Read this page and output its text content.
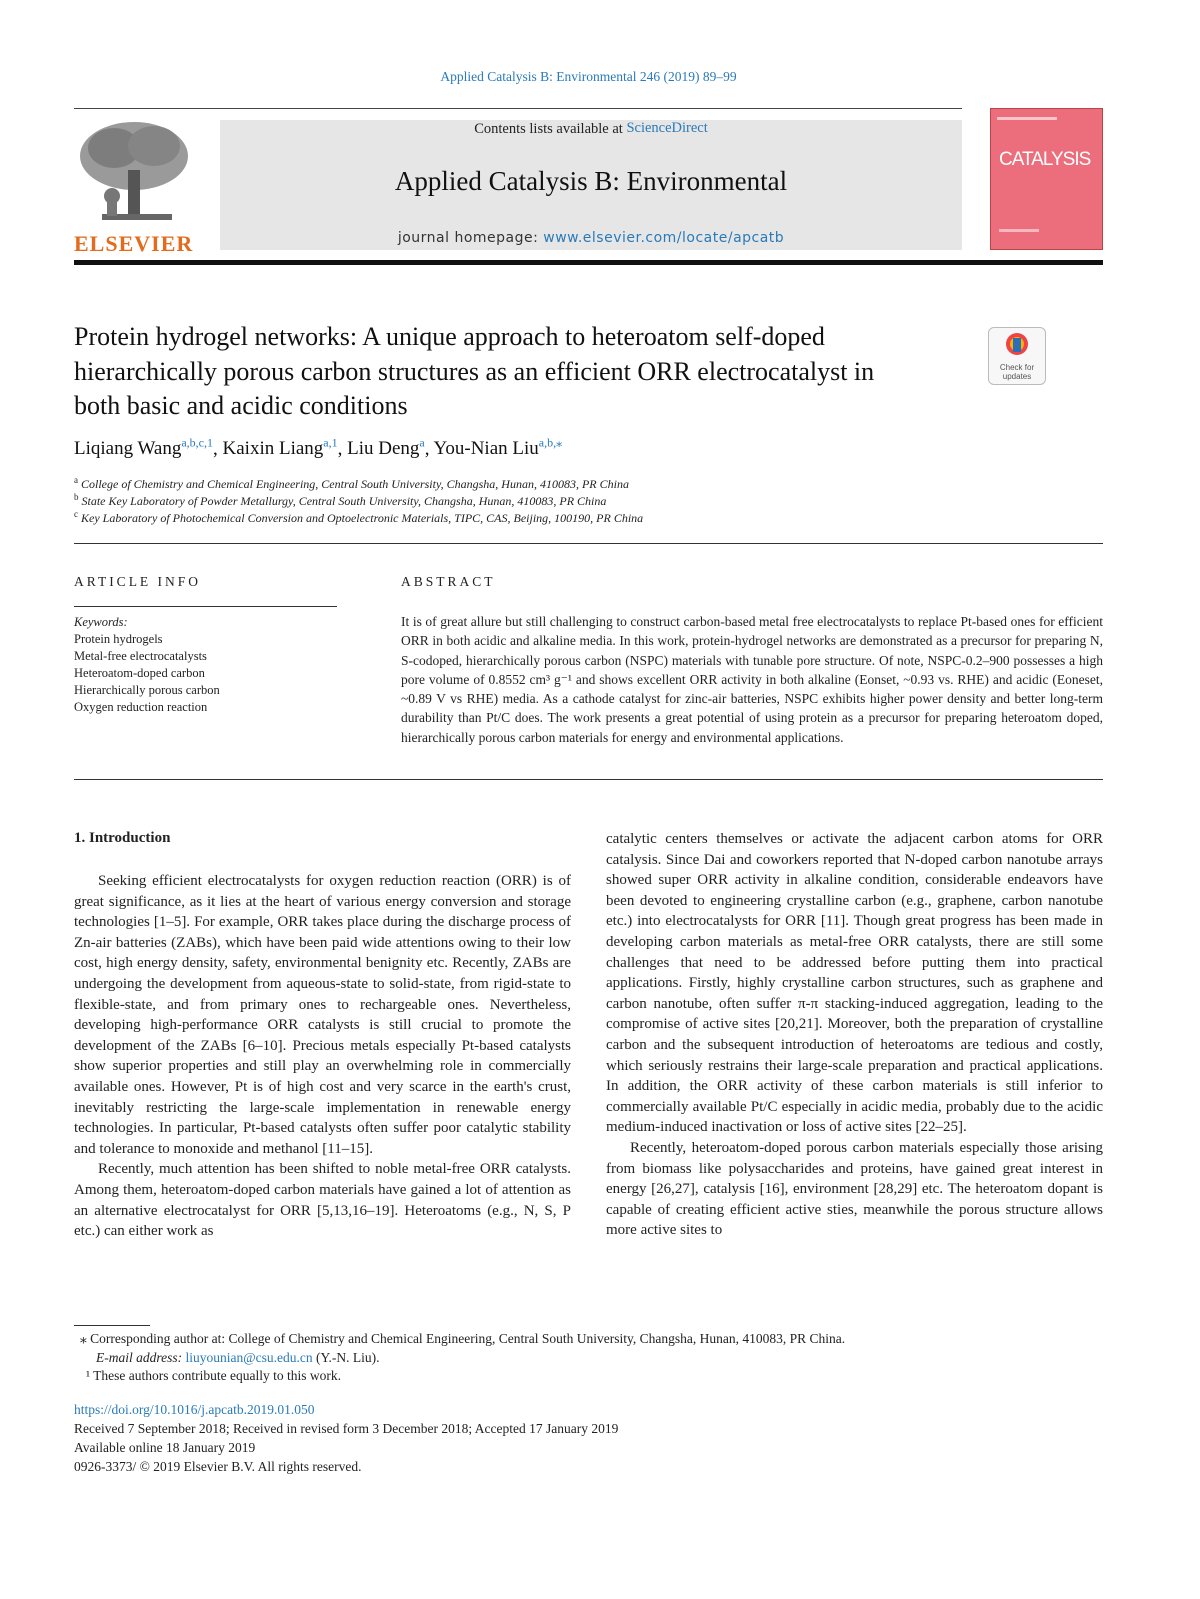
Applied Catalysis B: Environmental 246 (2019) 89–99
ELSEVIER
Contents lists available at ScienceDirect
Applied Catalysis B: Environmental
journal homepage: www.elsevier.com/locate/apcatb
CATALYSIS
Protein hydrogel networks: A unique approach to heteroatom self-doped
hierarchically porous carbon structures as an efficient ORR electrocatalyst in
both basic and acidic conditions
Check for updates
Liqiang Wang$^{a,b,c,1}$, Kaixin Liang$^{a,1}$, Liu Deng$^a$, You-Nian Liu$^{a,b,⁎}$
$^a$ College of Chemistry and Chemical Engineering, Central South University, Changsha, Hunan, 410083, PR China
$^b$ State Key Laboratory of Powder Metallurgy, Central South University, Changsha, Hunan, 410083, PR China
$^c$ Key Laboratory of Photochemical Conversion and Optoelectronic Materials, TIPC, CAS, Beijing, 100190, PR China
ARTICLE INFO
Keywords:
Protein hydrogels
Metal-free electrocatalysts
Heteroatom-doped carbon
Hierarchically porous carbon
Oxygen reduction reaction
ABSTRACT
It is of great allure but still challenging to construct carbon-based metal free electrocatalysts to replace Pt-based ones for efficient ORR in both acidic and alkaline media. In this work, protein-hydrogel networks are demonstrated as a precursor for preparing N, S-codoped, hierarchically porous carbon (NSPC) materials with tunable pore structure. Of note, NSPC-0.2–900 possesses a high pore volume of 0.8552 cm³ g⁻¹ and shows excellent ORR activity in both alkaline (Eonset, ~0.93 vs. RHE) and acidic (Eoneset, ~0.89 V vs RHE) media. As a cathode catalyst for zinc-air batteries, NSPC exhibits higher power density and better long-term durability than Pt/C does. The work presents a great potential of using protein as a precursor for preparing heteroatom doped, hierarchically porous carbon materials for energy and environmental applications.
1. Introduction

Seeking efficient electrocatalysts for oxygen reduction reaction (ORR) is of great significance, as it lies at the heart of various energy conversion and storage technologies [1–5]. For example, ORR takes place during the discharge process of Zn-air batteries (ZABs), which have been paid wide attentions owing to their low cost, high energy density, safety, environmental benignity etc. Recently, ZABs are undergoing the development from aqueous-state to solid-state, from rigid-state to flexible-state, and from primary ones to rechargeable ones. Nevertheless, developing high-performance ORR catalysts is still crucial to promote the development of the ZABs [6–10]. Precious metals especially Pt-based catalysts show superior properties and still play an overwhelming role in commercially available ones. However, Pt is of high cost and very scarce in the earth's crust, inevitably restricting the large-scale implementation in renewable energy technologies. In particular, Pt-based catalysts often suffer poor catalytic stability and tolerance to monoxide and methanol [11–15].

Recently, much attention has been shifted to noble metal-free ORR catalysts. Among them, heteroatom-doped carbon materials have gained a lot of attention as an alternative electrocatalyst for ORR [5,13,16–19]. Heteroatoms (e.g., N, S, P etc.) can either work as

catalytic centers themselves or activate the adjacent carbon atoms for ORR catalysis. Since Dai and coworkers reported that N-doped carbon nanotube arrays showed super ORR activity in alkaline condition, considerable endeavors have been devoted to engineering crystalline carbon (e.g., graphene, carbon nanotube etc.) into electrocatalysts for ORR [11]. Though great progress has been made in developing carbon materials as metal-free ORR catalysts, there are still some challenges that need to be addressed before putting them into practical applications. Firstly, highly crystalline carbon structures, such as graphene and carbon nanotube, often suffer π-π stacking-induced aggregation, leading to the compromise of active sites [20,21]. Moreover, both the preparation of crystalline carbon and the subsequent introduction of heteroatoms are tedious and costly, which seriously restrains their large-scale preparation and practical applications. In addition, the ORR activity of these carbon materials is still inferior to commercially available Pt/C especially in acidic media, probably due to the acidic medium-induced inactivation or loss of active sites [22–25].

Recently, heteroatom-doped porous carbon materials especially those arising from biomass like polysaccharides and proteins, have gained great interest in energy [26,27], catalysis [16], environment [28,29] etc. The heteroatom dopant is capable of creating efficient active sties, meanwhile the porous structure allows more active sites to

⁎ Corresponding author at: College of Chemistry and Chemical Engineering, Central South University, Changsha, Hunan, 410083, PR China.
E-mail address: liuyounian@csu.edu.cn (Y.-N. Liu).
¹ These authors contribute equally to this work.
https://doi.org/10.1016/j.apcatb.2019.01.050
Received 7 September 2018; Received in revised form 3 December 2018; Accepted 17 January 2019
Available online 18 January 2019
0926-3373/ © 2019 Elsevier B.V. All rights reserved.
